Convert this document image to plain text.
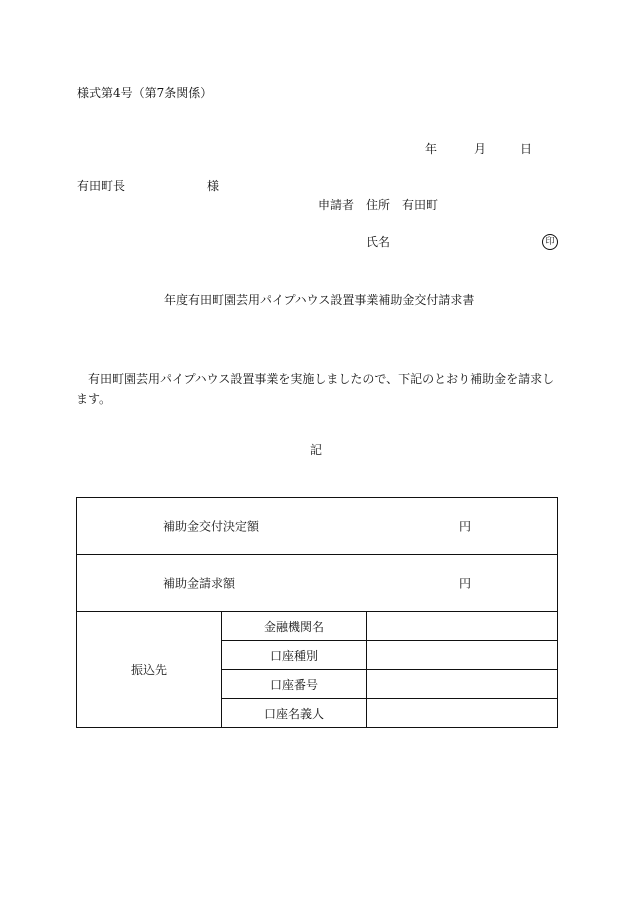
様式第4号（第7条関係）
年	月	日
有田町長	様
申請者 住所 有田町
氏名	印
年度有田町園芸用パイプハウス設置事業補助金交付請求書
有田町園芸用パイプハウス設置事業を実施しましたので、下記のとおり補助金を請求します。
記
補助金交付決定額 円		

補助金請求額 円		

振込先	金融機関名	
	口座種別	
	口座番号	
	口座名義人	
